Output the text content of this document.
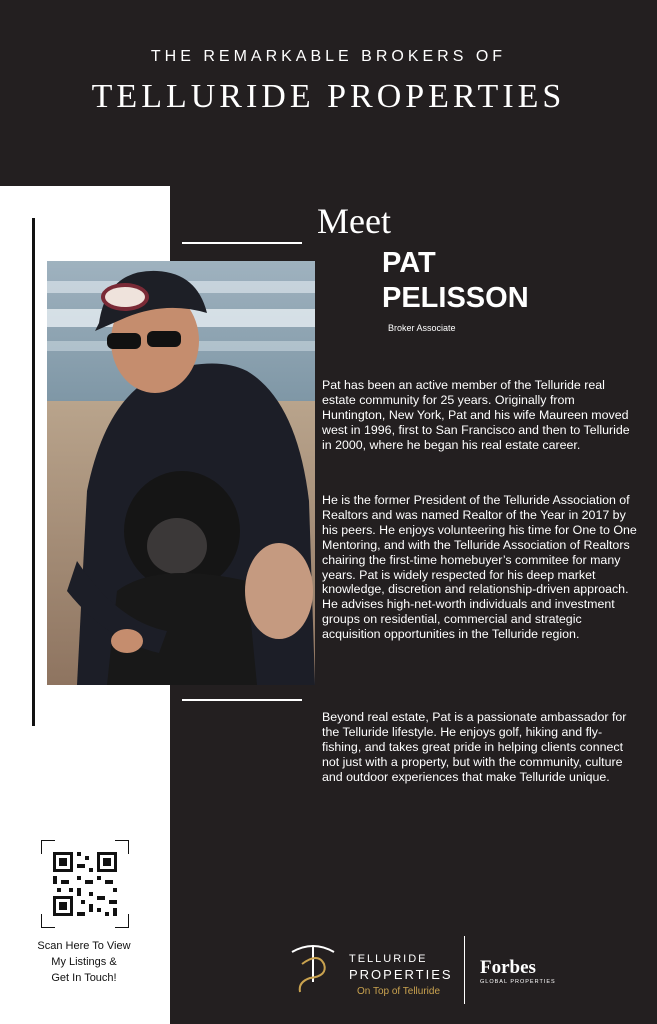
THE REMARKABLE BROKERS OF
TELLURIDE PROPERTIES
Meet
PAT
PELISSON
Broker Associate
Pat has been an active member of the Telluride real estate community for 25 years. Originally from Huntington, New York, Pat and his wife Maureen moved west in 1996, first to San Francisco and then to Telluride in 2000, where he began his real estate career.
He is the former President of the Telluride Association of Realtors and was named Realtor of the Year in 2017 by his peers. He enjoys volunteering his time for One to One Mentoring, and with the Telluride Association of Realtors chairing the first-time homebuyer’s commitee for many years. Pat is widely respected for his deep market knowledge, discretion and relationship-driven approach. He advises high-net-worth individuals and investment groups on residential, commercial and strategic acquisition opportunities in the Telluride region.
Beyond real estate, Pat is a passionate ambassador for the Telluride lifestyle. He enjoys golf, hiking and fly-fishing, and takes great pride in helping clients connect not just with a property, but with the community, culture and outdoor experiences that make Telluride unique.
Scan Here To View
My Listings &
Get In Touch!
TELLURIDE
PROPERTIES
On Top of Telluride
Forbes
GLOBAL PROPERTIES
